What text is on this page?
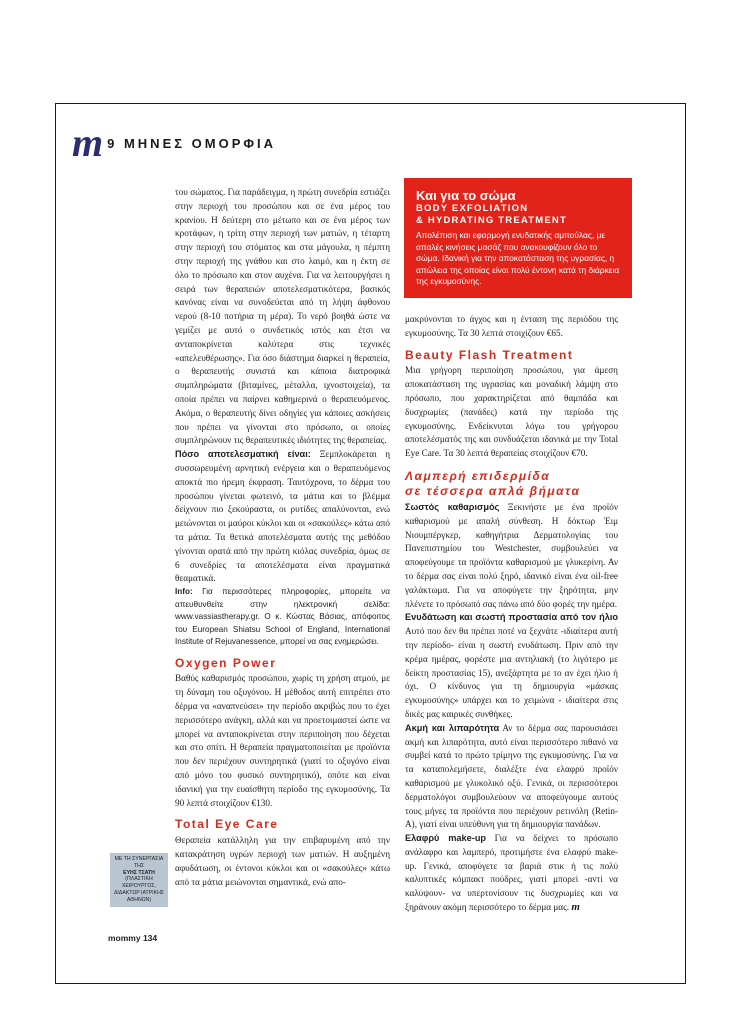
m 9 ΜΗΝΕΣ ΟΜΟΡΦΙΑ

του σώματος. Για παράδειγμα, η πρώτη συνεδρία εστιάζει στην περιοχή του προσώπου και σε ένα μέρος του κρανίου. Η δεύτερη στο μέτωπο και σε ένα μέρος των κροτάφων, η τρίτη στην περιοχή των ματιών, η τέταρτη στην περιοχή του στόματος και στα μάγουλα, η πέμπτη στην περιοχή της γνάθου και στο λαιμό, και η έκτη σε όλο το πρόσωπο και στον αυχένα. Για να λειτουργήσει η σειρά των θεραπειών αποτελεσματικότερα, βασικός κανόνας είναι να συνοδεύεται από τη λήψη άφθονου νερού (8-10 ποτήρια τη μέρα). Το νερό βοηθά ώστε να γεμίζει με αυτό ο συνδετικός ιστός και έτσι να ανταποκρίνεται καλύτερα στις τεχνικές «απελευθέρωσης». Για όσο διάστημα διαρκεί η θεραπεία, ο θεραπευτής συνιστά και κάποια διατροφικά συμπληρώματα (βιταμίνες, μέταλλα, ιχνοστοιχεία), τα οποία πρέπει να παίρνει καθημερινά ο θεραπευόμενος. Ακόμα, ο θεραπευτής δίνει οδηγίες για κάποιες ασκήσεις που πρέπει να γίνονται στο πρόσωπο, οι οποίες συμπληρώνουν τις θεραπευτικές ιδιότητες της θεραπείας.

Πόσο αποτελεσματική είναι: Ξεμπλοκάρεται η συσσωρευμένη αρνητική ενέργεια και ο θεραπευόμενος αποκτά πιο ήρεμη έκφραση. Ταυτόχρονα, το δέρμα του προσώπου γίνεται φωτεινό, τα μάτια και το βλέμμα δείχνουν πιο ξεκούραστα, οι ρυτίδες απαλύνονται, ενώ μειώνονται οι μαύροι κύκλοι και οι «σακούλες» κάτω από τα μάτια. Τα θετικά αποτελέσματα αυτής της μεθόδου γίνονται ορατά από την πρώτη κιόλας συνεδρία, όμως σε 6 συνεδρίες τα αποτελέσματα είναι πραγματικά θεαματικά.

Info: Για περισσότερες πληροφορίες, μπορείτε να απευθυνθείτε στην ηλεκτρονική σελίδα: www.vassiastherapy.gr. Ο κ. Κώστας Βάσιας, απόφοιτος του European Shiatsu School of England, International Institute of Rejuvanessence, μπορεί να σας ενημερώσει.

Oxygen Power

Βαθύς καθαρισμός προσώπου, χωρίς τη χρήση ατμού, με τη δύναμη του οξυγόνου. Η μέθοδος αυτή επιτρέπει στο δέρμα να «αναπνεύσει» την περίοδο ακριβώς που το έχει περισσότερο ανάγκη, αλλά και να προετοιμαστεί ώστε να μπορεί να ανταποκρίνεται στην περιποίηση που δέχεται και στο σπίτι. Η θεραπεία πραγματοποιείται με προϊόντα που δεν περιέχουν συντηρητικά (γιατί το οξυγόνο είναι από μόνο του φυσικό συντηρητικό), οπότε και είναι ιδανική για την ευαίσθητη περίοδο της εγκυμοσύνης. Τα 90 λεπτά στοιχίζουν €130.

Total Eye Care

Θεραπεία κατάλληλη για την επιβαρυμένη από την κατακράτηση υγρών περιοχή των ματιών. Η αυξημένη αφυδάτωση, οι έντονοι κύκλοι και οι «σακούλες» κάτω από τα μάτια μειώνονται σημαντικά, ενώ απο-

Και για το σώμα
BODY EXFOLIATION
& HYDRATING TREATMENT
Απολέπιση και εφαρμογή ενυδατικής αμπούλας, με απαλές κινήσεις μασάζ που ανακουφίζουν όλο το σώμα. Ιδανική για την αποκατάσταση της υγρασίας, η απώλεια της οποίας είναι πολύ έντονη κατά τη διάρκεια της εγκυμοσύνης.

μακρύνονται το άγχος και η ένταση της περιόδου της εγκυμοσύνης. Τα 30 λεπτά στοιχίζουν €65.

Beauty Flash Treatment

Μια γρήγορη περιποίηση προσώπου, για άμεση αποκατάσταση της υγρασίας και μοναδική λάμψη στο πρόσωπο, που χαρακτηρίζεται από θαμπάδα και δυσχρωμίες (πανάδες) κατά την περίοδο της εγκυμοσύνης. Ενδείκνυται λόγω του γρήγορου αποτελέσματός της και συνδυάζεται ιδανικά με την Total Eye Care. Τα 30 λεπτά θεραπείας στοιχίζουν €70.

Λαμπερή επιδερμίδα
σε τέσσερα απλά βήματα

Σωστός καθαρισμός Ξεκινήστε με ένα προϊόν καθαρισμού με απαλή σύνθεση. Η δόκτωρ Έιμ Νιουμπέργκερ, καθηγήτρια Δερματολογίας του Πανεπιστημίου του Westchester, συμβουλεύει να αποφεύγουμε τα προϊόντα καθαρισμού με γλυκερίνη. Αν το δέρμα σας είναι πολύ ξηρό, ιδανικό είναι ένα oil-free γαλάκτωμα. Για να αποφύγετε την ξηρότητα, μην πλένετε το πρόσωπό σας πάνω από δύο φορές την ημέρα.

Ενυδάτωση και σωστή προστασία από τον ήλιο Αυτό που δεν θα πρέπει ποτέ να ξεχνάτε -ιδιαίτερα αυτή την περίοδο- είναι η σωστή ενυδάτωση. Πριν από την κρέμα ημέρας, φορέστε μια αντηλιακή (το λιγότερο με δείκτη προστασίας 15), ανεξάρτητα με το αν έχει ήλιο ή όχι. Ο κίνδυνος για τη δημιουργία «μάσκας εγκυμοσύνης» υπάρχει και το χειμώνα - ιδιαίτερα στις δικές μας καιρικές συνθήκες.

Ακμή και λιπαρότητα Αν το δέρμα σας παρουσιάσει ακμή και λιπαρότητα, αυτό είναι περισσότερο πιθανό να συμβεί κατά το πρώτο τρίμηνο της εγκυμοσύνης. Για να τα καταπολεμήσετε, διαλέξτε ένα ελαφρύ προϊόν καθαρισμού με γλυκολικό οξύ. Γενικά, οι περισσότεροι δερματολόγοι συμβουλεύουν να αποφεύγουμε αυτούς τους μήνες τα προϊόντα που περιέχουν ρετινόλη (Retin-A), γιατί είναι υπεύθυνη για τη δημιουργία πανάδων.

Ελαφρύ make-up Για να δείχνει το πρόσωπο ανάλαφρο και λαμπερό, προτιμήστε ένα ελαφρύ make-up. Γενικά, αποφύγετε τα βαριά στικ ή τις πολύ καλυπτικές κόμπακτ πούδρες, γιατί μπορεί -αντί να καλύψουν- να υπερτονίσουν τις δυσχρωμίες και να ξηράνουν ακόμη περισσότερο το δέρμα μας. m

ΜΕ ΤΗ ΣΥΝΕΡΓΑΣΙΑ ΤΗΣ
ΕΥΗΣ ΤΣΑΤΗ
(ΠΛΑΣΤΙΚΗ ΧΕΙΡΟΥΡΓΟΣ, ΔΙΔΑΚΤΩΡ ΙΑΤΡΙΚΗΣ ΑΘΗΝΩΝ)
mommy 134
